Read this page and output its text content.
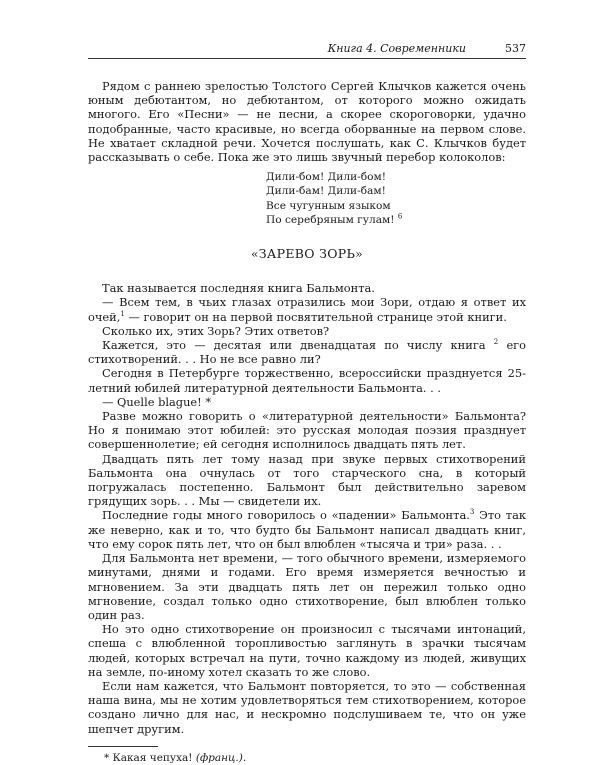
Книга 4. Современники	537

Рядом с раннею зрелостью Толстого Сергей Клычков кажется очень юным дебютантом, но дебютантом, от которого можно ожидать многого. Его «Песни» — не песни, а скорее скороговорки, удачно подобранные, часто красивые, но всегда оборванные на первом слове. Не хватает складной речи. Хочется послушать, как С. Клычков будет рассказывать о себе. Пока же это лишь звучный перебор колоколов:

Дили-бом! Дили-бом!
Дили-бам! Дили-бам!
Все чугунным языком
По серебряным гулам! $^6$
«ЗАРЕВО ЗОРЬ»

Так называется последняя книга Бальмонта.

— Всем тем, в чьих глазах отразились мои Зори, отдаю я ответ их очей,$^1$ — говорит он на первой посвятительной странице этой книги.

Сколько их, этих Зорь? Этих ответов?

Кажется, это — десятая или двенадцатая по числу книга $^2$ его стихотворений. . . Но не все равно ли?

Сегодня в Петербурге торжественно, всероссийски празднуется 25-летний юбилей литературной деятельности Бальмонта. . .

— Quelle blague! *

Разве можно говорить о «литературной деятельности» Бальмонта? Но я понимаю этот юбилей: это русская молодая поэзия празднует совершеннолетие; ей сегодня исполнилось двадцать пять лет.

Двадцать пять лет тому назад при звуке первых стихотворений Бальмонта она очнулась от того старческого сна, в который погружалась постепенно. Бальмонт был действительно заревом грядущих зорь. . . Мы — свидетели их.

Последние годы много говорилось о «падении» Бальмонта.$^3$ Это так же неверно, как и то, что будто бы Бальмонт написал двадцать книг, что ему сорок пять лет, что он был влюблен «тысяча и три» раза. . .

Для Бальмонта нет времени, — того обычного времени, измеряемого минутами, днями и годами. Его время измеряется вечностью и мгновением. За эти двадцать пять лет он пережил только одно мгновение, создал только одно стихотворение, был влюблен только один раз.

Но это одно стихотворение он произносил с тысячами интонаций, спеша с влюбленной торопливостью заглянуть в зрачки тысячам людей, которых встречал на пути, точно каждому из людей, живущих на земле, по-иному хотел сказать то же слово.

Если нам кажется, что Бальмонт повторяется, то это — собственная наша вина, мы не хотим удовлетворяться тем стихотворением, которое создано лично для нас, и нескромно подслушиваем те, что он уже шепчет другим.

* Какая чепуха! (франц.).
